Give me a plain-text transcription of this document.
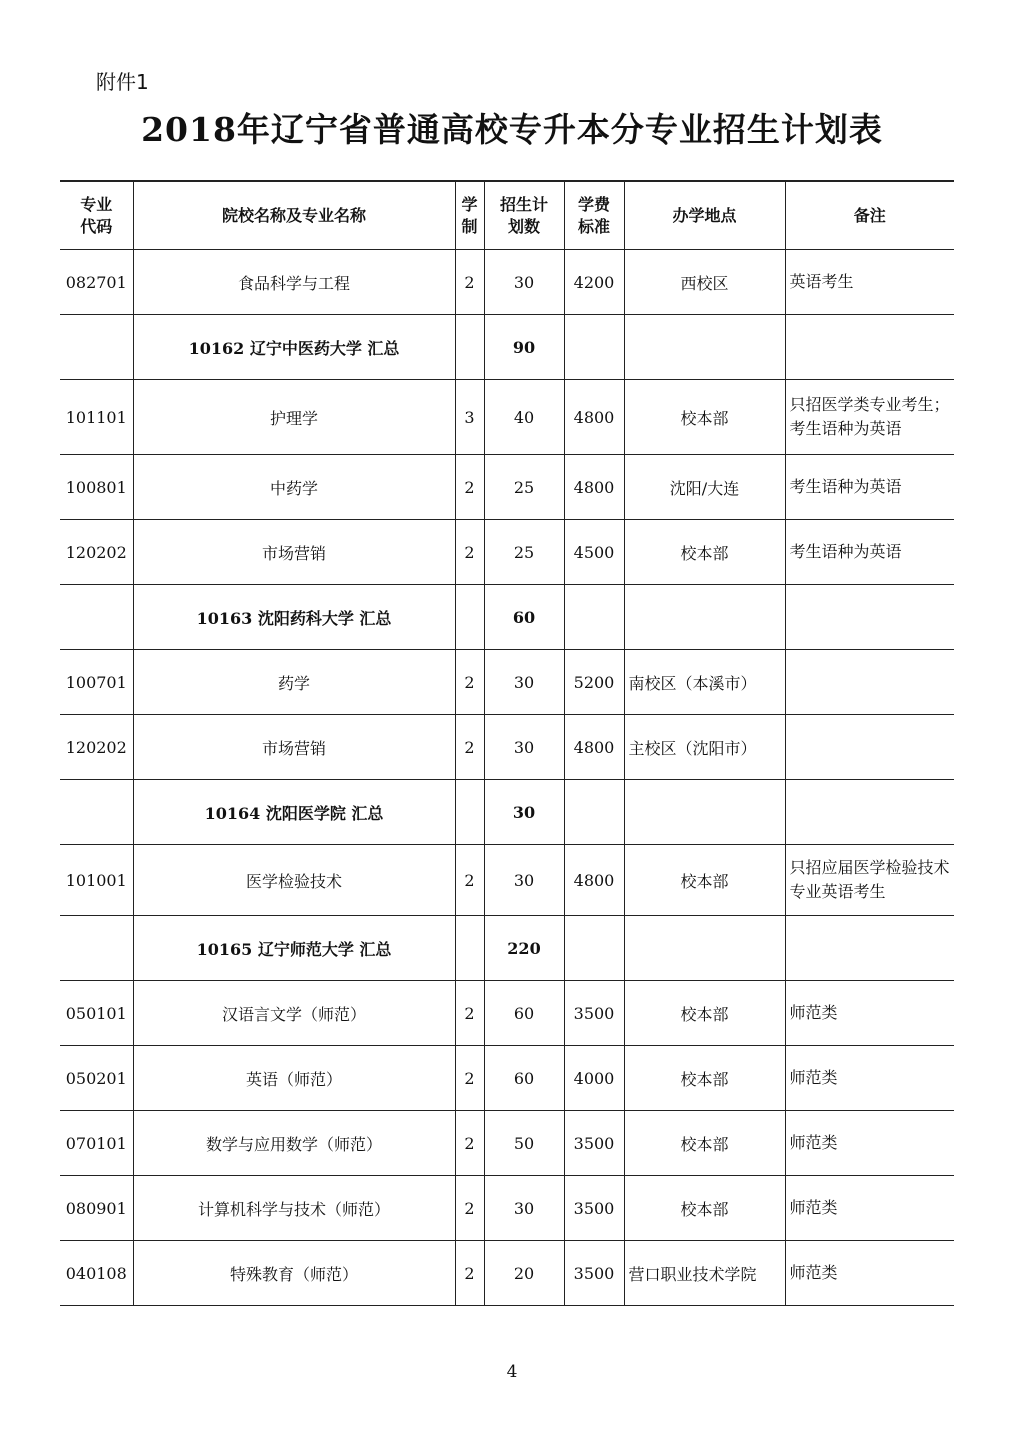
附件1
2018年辽宁省普通高校专升本分专业招生计划表
专业代码	院校名称及专业名称	学制	招生计划数	学费标准	办学地点	备注
082701	食品科学与工程	2	30	4200	西校区	英语考生
	10162 辽宁中医药大学 汇总		90			
101101	护理学	3	40	4800	校本部	只招医学类专业考生；考生语种为英语
100801	中药学	2	25	4800	沈阳/大连	考生语种为英语
120202	市场营销	2	25	4500	校本部	考生语种为英语
	10163 沈阳药科大学 汇总		60			
100701	药学	2	30	5200	南校区（本溪市）	
120202	市场营销	2	30	4800	主校区（沈阳市）	
	10164 沈阳医学院 汇总		30			
101001	医学检验技术	2	30	4800	校本部	只招应届医学检验技术专业英语考生
	10165 辽宁师范大学 汇总		220			
050101	汉语言文学（师范）	2	60	3500	校本部	师范类
050201	英语（师范）	2	60	4000	校本部	师范类
070101	数学与应用数学（师范）	2	50	3500	校本部	师范类
080901	计算机科学与技术（师范）	2	30	3500	校本部	师范类
040108	特殊教育（师范）	2	20	3500	营口职业技术学院	师范类
4
